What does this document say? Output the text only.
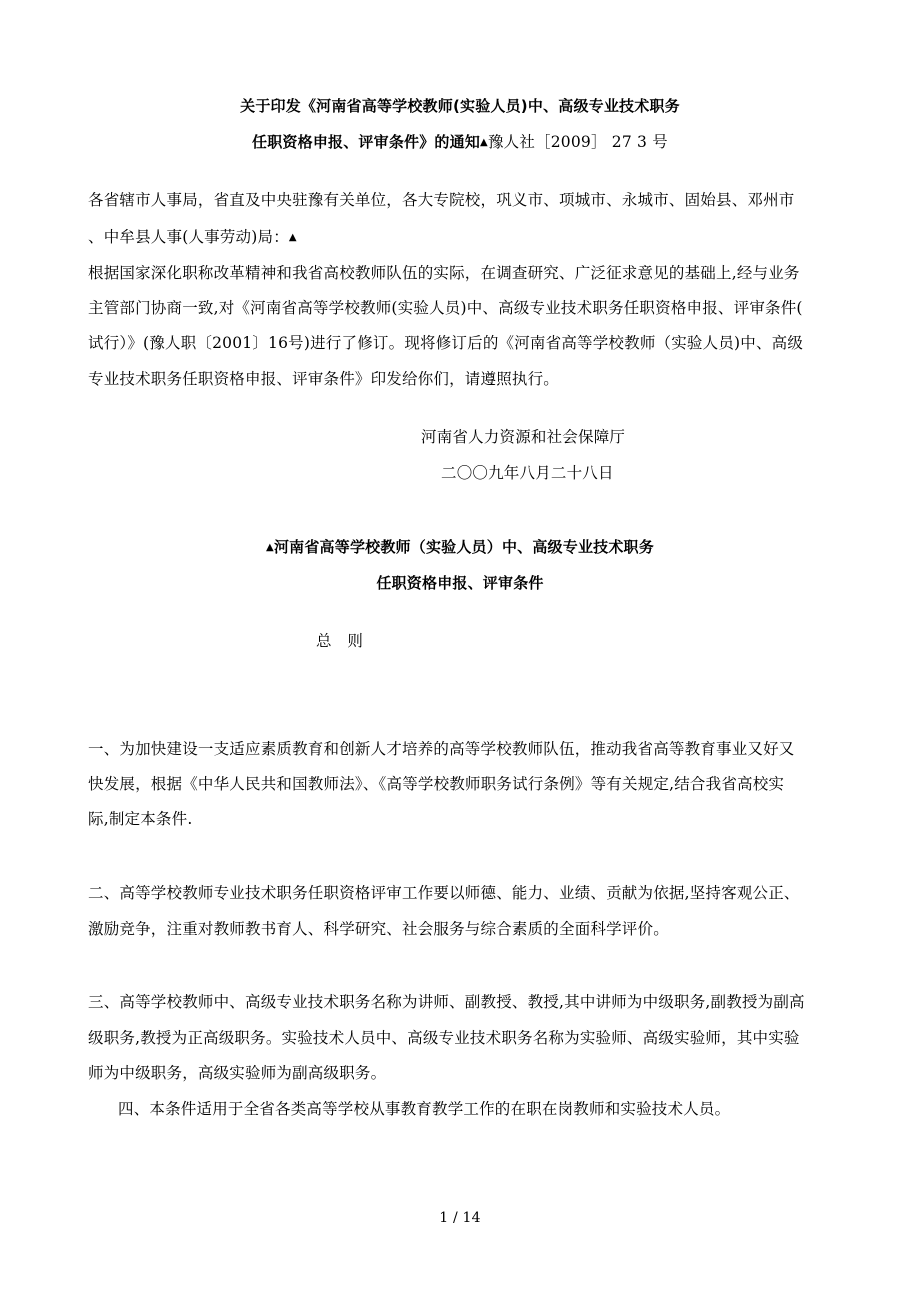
关于印发《河南省高等学校教师(实验人员)中、高级专业技术职务
任职资格申报、评审条件》的通知▲豫人社［2009］ 27 3 号
各省辖市人事局，省直及中央驻豫有关单位，各大专院校，巩义市、项城市、永城市、固始县、邓州市
、中牟县人事(人事劳动)局：▲
根据国家深化职称改革精神和我省高校教师队伍的实际，在调查研究、广泛征求意见的基础上,经与业务
主管部门协商一致,对《河南省高等学校教师(实验人员)中、高级专业技术职务任职资格申报、评审条件(
试行）》(豫人职〔2001〕16号)进行了修订。现将修订后的《河南省高等学校教师（实验人员)中、高级
专业技术职务任职资格申报、评审条件》印发给你们，请遵照执行。
河南省人力资源和社会保障厅
二〇〇九年八月二十八日
▲河南省高等学校教师（实验人员）中、高级专业技术职务
任职资格申报、评审条件
总　则
一、为加快建设一支适应素质教育和创新人才培养的高等学校教师队伍，推动我省高等教育事业又好又
快发展，根据《中华人民共和国教师法》、《高等学校教师职务试行条例》等有关规定,结合我省高校实
际,制定本条件.
二、高等学校教师专业技术职务任职资格评审工作要以师德、能力、业绩、贡献为依据,坚持客观公正、
激励竞争，注重对教师教书育人、科学研究、社会服务与综合素质的全面科学评价。
三、高等学校教师中、高级专业技术职务名称为讲师、副教授、教授,其中讲师为中级职务,副教授为副高
级职务,教授为正高级职务。实验技术人员中、高级专业技术职务名称为实验师、高级实验师，其中实验
师为中级职务，高级实验师为副高级职务。
四、本条件适用于全省各类高等学校从事教育教学工作的在职在岗教师和实验技术人员。
1 / 14
